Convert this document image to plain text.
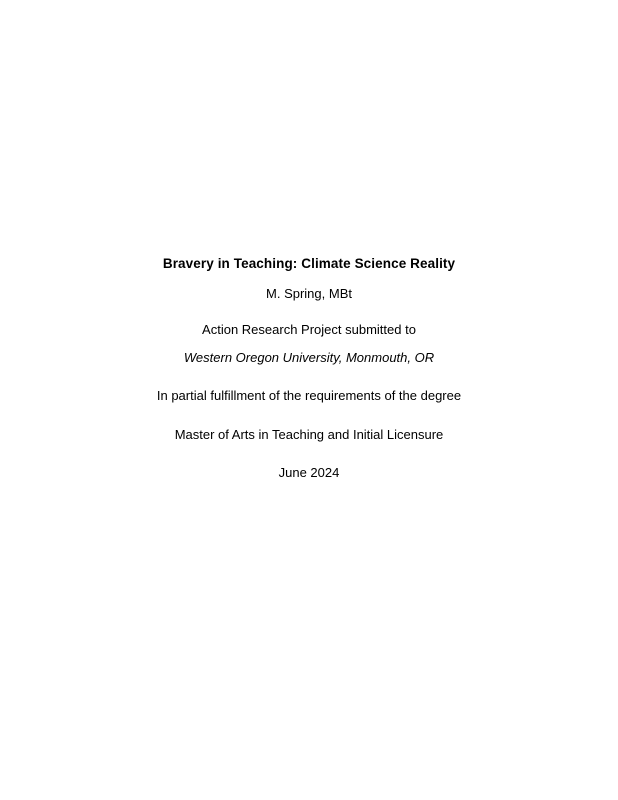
Bravery in Teaching: Climate Science Reality
M. Spring, MBt
Action Research Project submitted to
Western Oregon University, Monmouth, OR
In partial fulfillment of the requirements of the degree
Master of Arts in Teaching and Initial Licensure
June 2024
